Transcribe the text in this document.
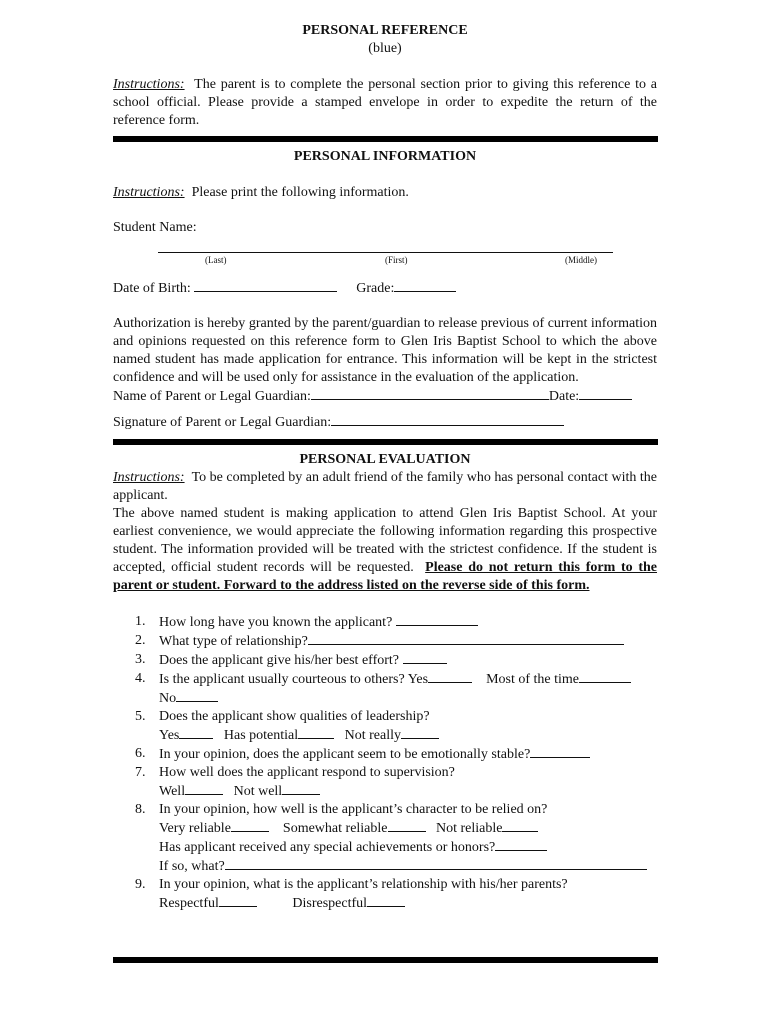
PERSONAL REFERENCE
(blue)

Instructions: The parent is to complete the personal section prior to giving this reference to a school official. Please provide a stamped envelope in order to expedite the return of the reference form.

PERSONAL INFORMATION

Instructions: Please print the following information.

Student Name:

(Last)	(First)	(Middle)

Date of Birth:	Grade:

Authorization is hereby granted by the parent/guardian to release previous of current information and opinions requested on this reference form to Glen Iris Baptist School to which the above named student has made application for entrance. This information will be kept in the strictest confidence and will be used only for assistance in the evaluation of the application.

Name of Parent or Legal Guardian:	Date:

Signature of Parent or Legal Guardian:

PERSONAL EVALUATION

Instructions: To be completed by an adult friend of the family who has personal contact with the applicant.

The above named student is making application to attend Glen Iris Baptist School. At your earliest convenience, we would appreciate the following information regarding this prospective student. The information provided will be treated with the strictest confidence. If the student is accepted, official student records will be requested. Please do not return this form to the parent or student. Forward to the address listed on the reverse side of this form.

1. How long have you known the applicant?
2. What type of relationship?
3. Does the applicant give his/her best effort?
4. Is the applicant usually courteous to others? Yes	Most of the time
No
5. Does the applicant show qualities of leadership?
Yes	Has potential	Not really
6. In your opinion, does the applicant seem to be emotionally stable?
7. How well does the applicant respond to supervision?
Well	Not well
8. In your opinion, how well is the applicant’s character to be relied on?
Very reliable	Somewhat reliable	Not reliable
Has applicant received any special achievements or honors?
If so, what?
9. In your opinion, what is the applicant’s relationship with his/her parents?
Respectful	Disrespectful
